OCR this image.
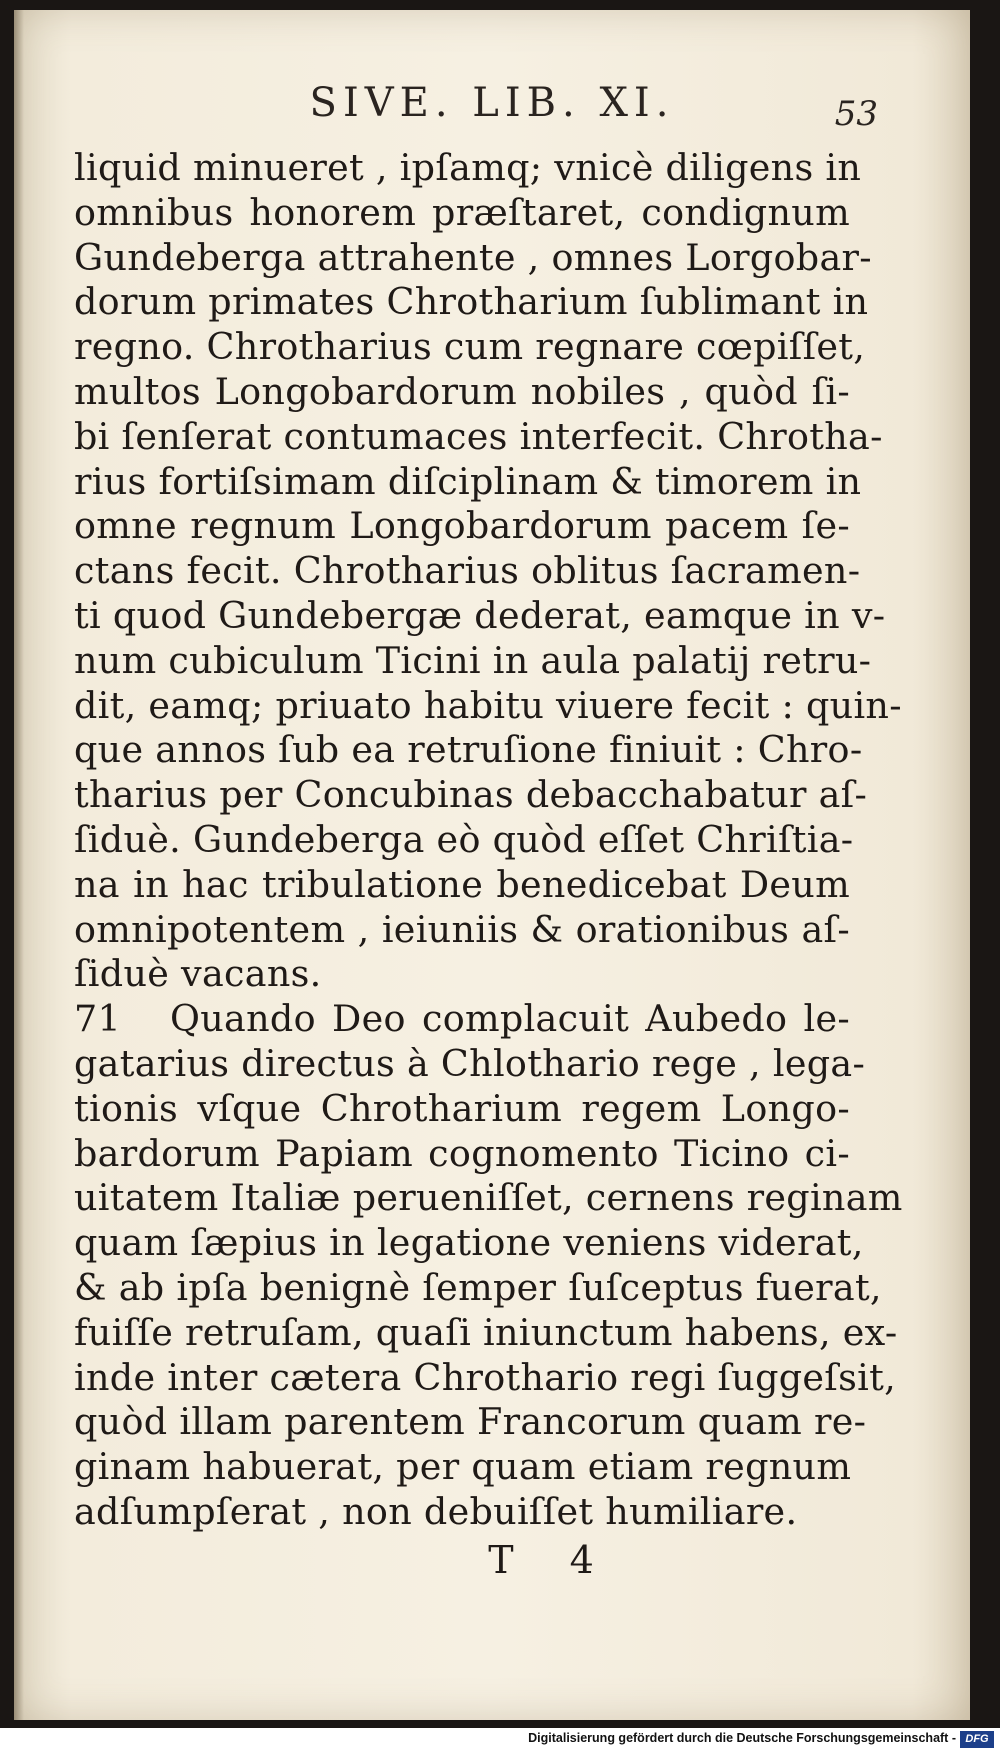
SIVE. LIB. XI.	53
liquid minueret , ipſamq; vnicè diligens in
omnibus honorem præſtaret, condignum
Gundeberga attrahente , omnes Lorgobar-
dorum primates Chrotharium ſublimant in
regno. Chrotharius cum regnare cœpiſſet,
multos Longobardorum nobiles , quòd ſi-
bi ſenſerat contumaces interfecit. Chrotha-
rius fortiſsimam diſciplinam & timorem in
omne regnum Longobardorum pacem ſe-
ctans fecit. Chrotharius oblitus ſacramen-
ti quod Gundebergæ dederat, eamque in v-
num cubiculum Ticini in aula palatij retru-
dit, eamq; priuato habitu viuere fecit : quin-
que annos ſub ea retruſione finiuit : Chro-
tharius per Concubinas debacchabatur aſ-
ſiduè. Gundeberga eò quòd eſſet Chriſtia-
na in hac tribulatione benedicebat Deum
omnipotentem , ieiuniis & orationibus aſ-
ſiduè vacans.
71 Quando Deo complacuit Aubedo le-
gatarius directus à Chlothario rege , lega-
tionis vſque Chrotharium regem Longo-
bardorum Papiam cognomento Ticino ci-
uitatem Italiæ perueniſſet, cernens reginam
quam ſæpius in legatione veniens viderat,
& ab ipſa benignè ſemper ſuſceptus fuerat,
fuiſſe retruſam, quaſi iniunctum habens, ex-
inde inter cætera Chrothario regi ſuggeſsit,
quòd illam parentem Francorum quam re-
ginam habuerat, per quam etiam regnum
adſumpſerat , non debuiſſet humiliare.
T 4
Digitalisierung gefördert durch die Deutsche Forschungsgemeinschaft - DFG
